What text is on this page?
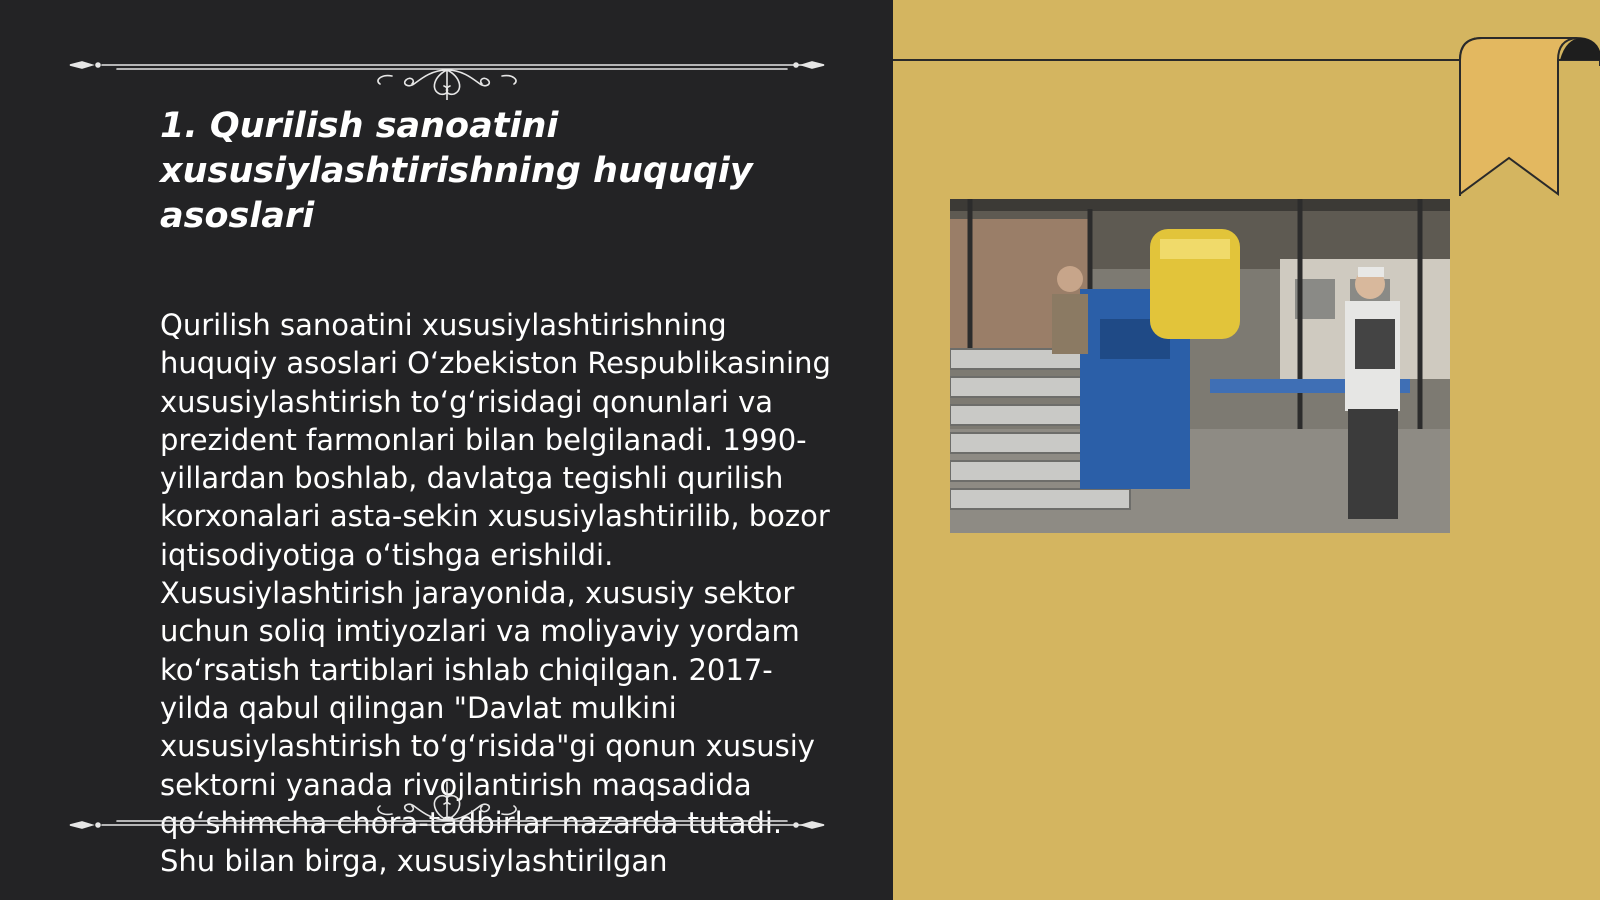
1. Qurilish sanoatini xususiylashtirishning huquqiy asoslari

Qurilish sanoatini xususiylashtirishning huquqiy asoslari O‘zbekiston Respublikasining xususiylashtirish to‘g‘risidagi qonunlari va prezident farmonlari bilan belgilanadi. 1990-yillardan boshlab, davlatga tegishli qurilish korxonalari asta-sekin xususiylashtirilib, bozor iqtisodiyotiga o‘tishga erishildi. Xususiylashtirish jarayonida, xususiy sektor uchun soliq imtiyozlari va moliyaviy yordam ko‘rsatish tartiblari ishlab chiqilgan. 2017-yilda qabul qilingan "Davlat mulkini xususiylashtirish to‘g‘risida"gi qonun xususiy sektorni yanada rivojlantirish maqsadida qo‘shimcha chora-tadbirlar nazarda tutadi. Shu bilan birga, xususiylashtirilgan
